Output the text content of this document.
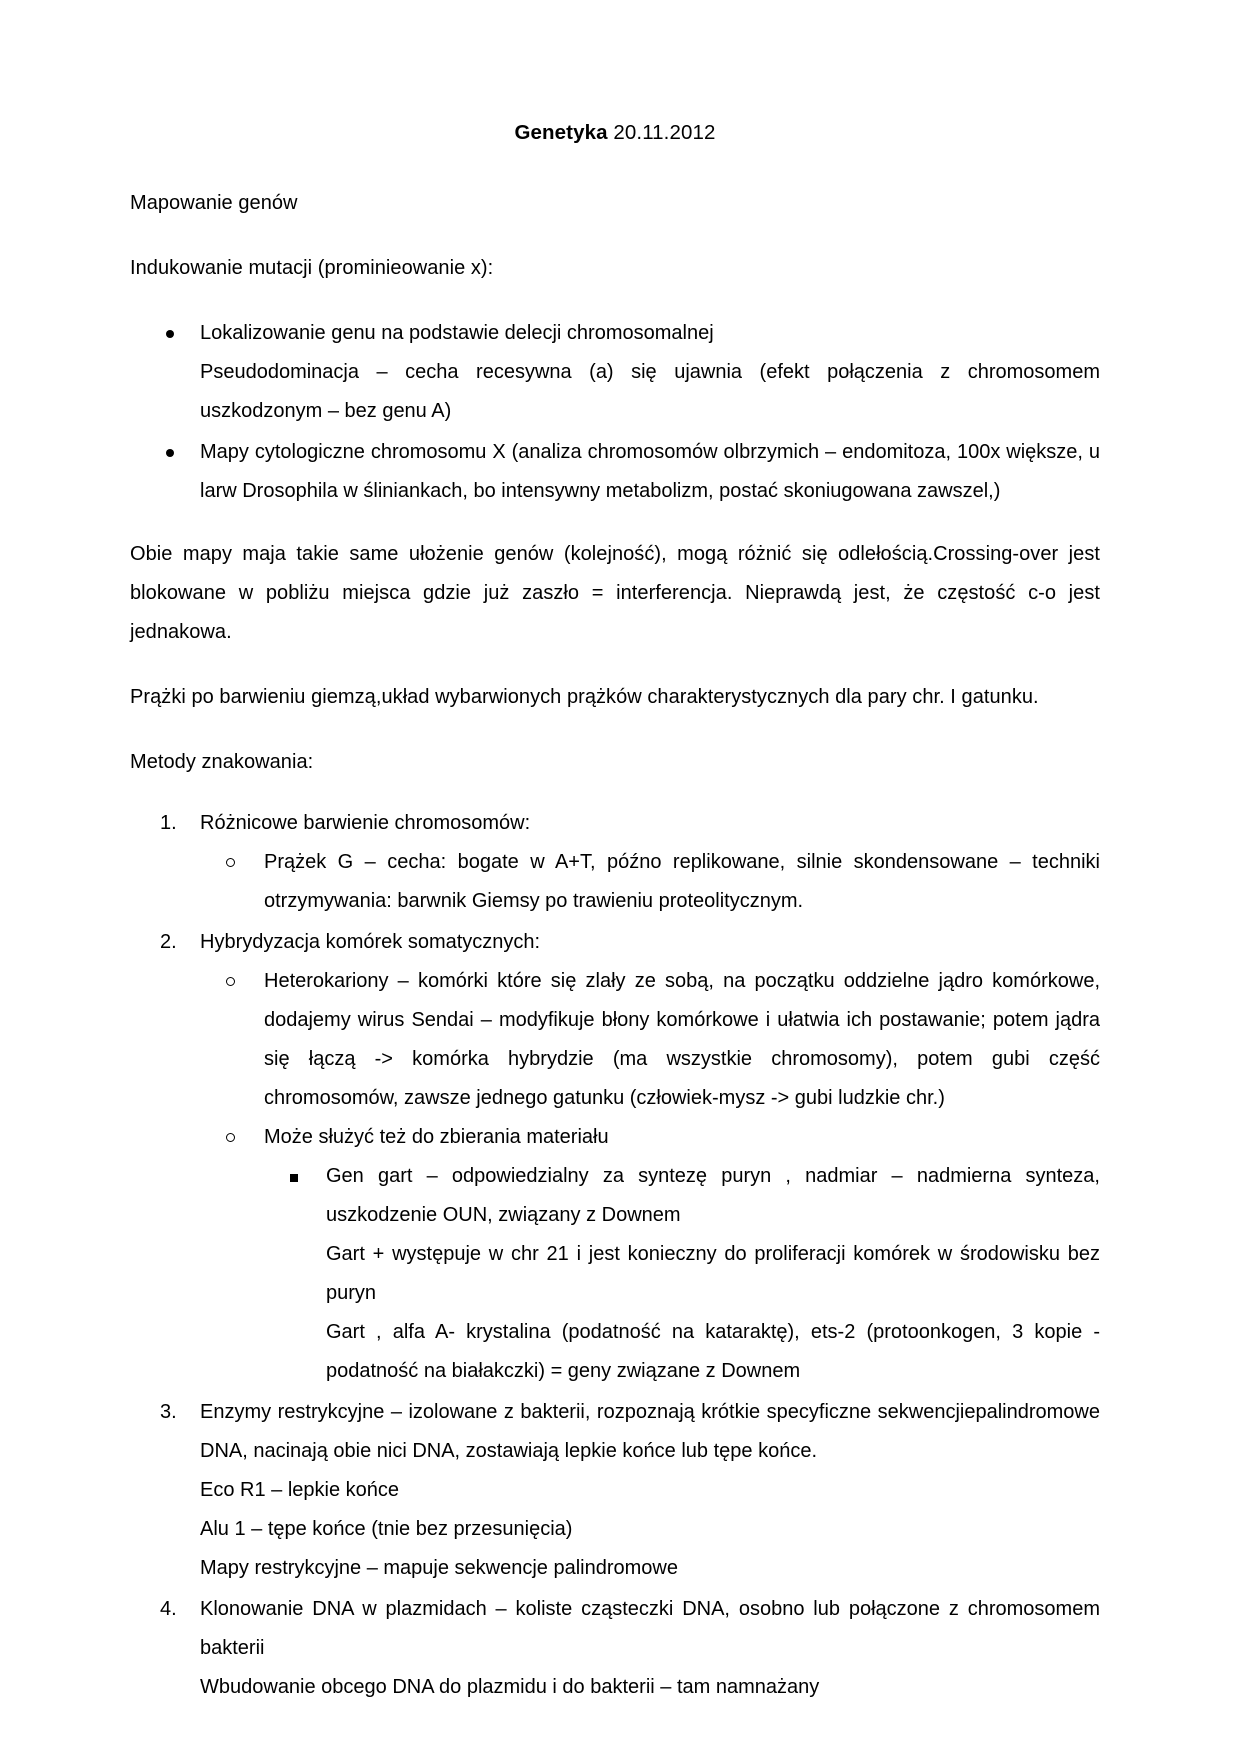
Genetyka 20.11.2012

Mapowanie genów

Indukowanie mutacji (prominieowanie x):

Lokalizowanie genu na podstawie delecji chromosomalnej
Pseudodominacja – cecha recesywna (a) się ujawnia (efekt połączenia z chromosomem uszkodzonym – bez genu A)
Mapy cytologiczne chromosomu X (analiza chromosomów olbrzymich – endomitoza, 100x większe, u larw Drosophila w śliniankach, bo intensywny metabolizm, postać skoniugowana zawszel,)

Obie mapy maja takie same ułożenie genów (kolejność), mogą różnić się odlełością.Crossing-over jest blokowane w pobliżu miejsca gdzie już zaszło = interferencja. Nieprawdą jest, że częstość c-o jest jednakowa.

Prążki po barwieniu giemzą,układ wybarwionych prążków charakterystycznych dla pary chr. I gatunku.

Metody znakowania:

1.	Różnicowe barwienie chromosomów:
Prążek G – cecha: bogate w A+T, późno replikowane, silnie skondensowane – techniki otrzymywania: barwnik Giemsy po trawieniu proteolitycznym.
2.	Hybrydyzacja komórek somatycznych:
Heterokariony – komórki które się zlały ze sobą, na początku oddzielne jądro komórkowe, dodajemy wirus Sendai – modyfikuje błony komórkowe i ułatwia ich postawanie; potem jądra się łączą -> komórka hybrydzie (ma wszystkie chromosomy), potem gubi część chromosomów, zawsze jednego gatunku (człowiek-mysz -> gubi ludzkie chr.)
Może służyć też do zbierania materiału
Gen gart – odpowiedzialny za syntezę puryn , nadmiar – nadmierna synteza, uszkodzenie OUN, związany z Downem
Gart + występuje w chr 21 i jest konieczny do proliferacji komórek w środowisku bez puryn
Gart , alfa A- krystalina (podatność na kataraktę), ets-2 (protoonkogen, 3 kopie - podatność na białakczki) = geny związane z Downem
3.	Enzymy restrykcyjne – izolowane z bakterii, rozpoznają krótkie specyficzne sekwencjiepalindromowe DNA, nacinają obie nici DNA, zostawiają lepkie końce lub tępe końce.
Eco R1 – lepkie końce
Alu 1 – tępe końce (tnie bez przesunięcia)
Mapy restrykcyjne – mapuje sekwencje palindromowe
4.	Klonowanie DNA w plazmidach – koliste cząsteczki DNA, osobno lub połączone z chromosomem bakterii
Wbudowanie obcego DNA do plazmidu i do bakterii – tam namnażany
